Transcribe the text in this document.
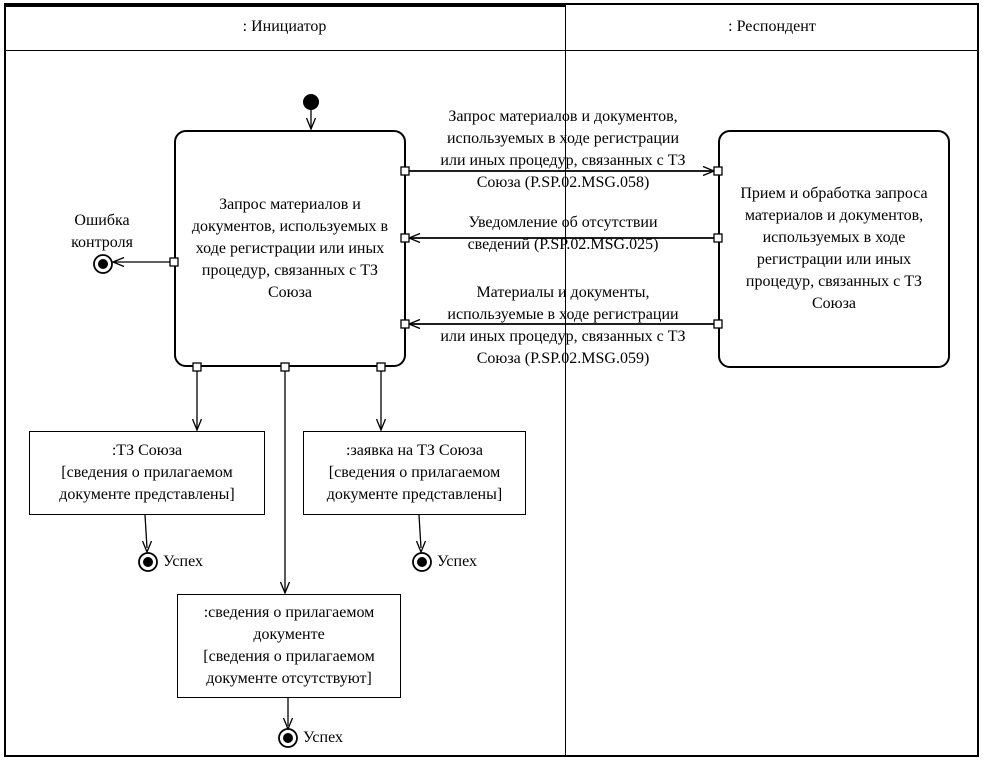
: Инициатор	: Респондент
Запрос материалов и документов, используемых в ходе регистрации или иных процедур, связанных с ТЗ Союза
Прием и обработка запроса материалов и документов, используемых в ходе регистрации или иных процедур, связанных с ТЗ Союза
:ТЗ Союза
[сведения о прилагаемом документе представлены]
:заявка на ТЗ Союза
[сведения о прилагаемом документе представлены]
:сведения о прилагаемом документе
[сведения о прилагаемом документе отсутствуют]
Запрос материалов и документов, используемых в ходе регистрации или иных процедур, связанных с ТЗ Союза (P.SP.02.MSG.058)
Уведомление об отсутствии сведений (P.SP.02.MSG.025)
Материалы и документы, используемые в ходе регистрации или иных процедур, связанных с ТЗ Союза (P.SP.02.MSG.059)
Ошибка контроля
Успех	Успех
Успех
